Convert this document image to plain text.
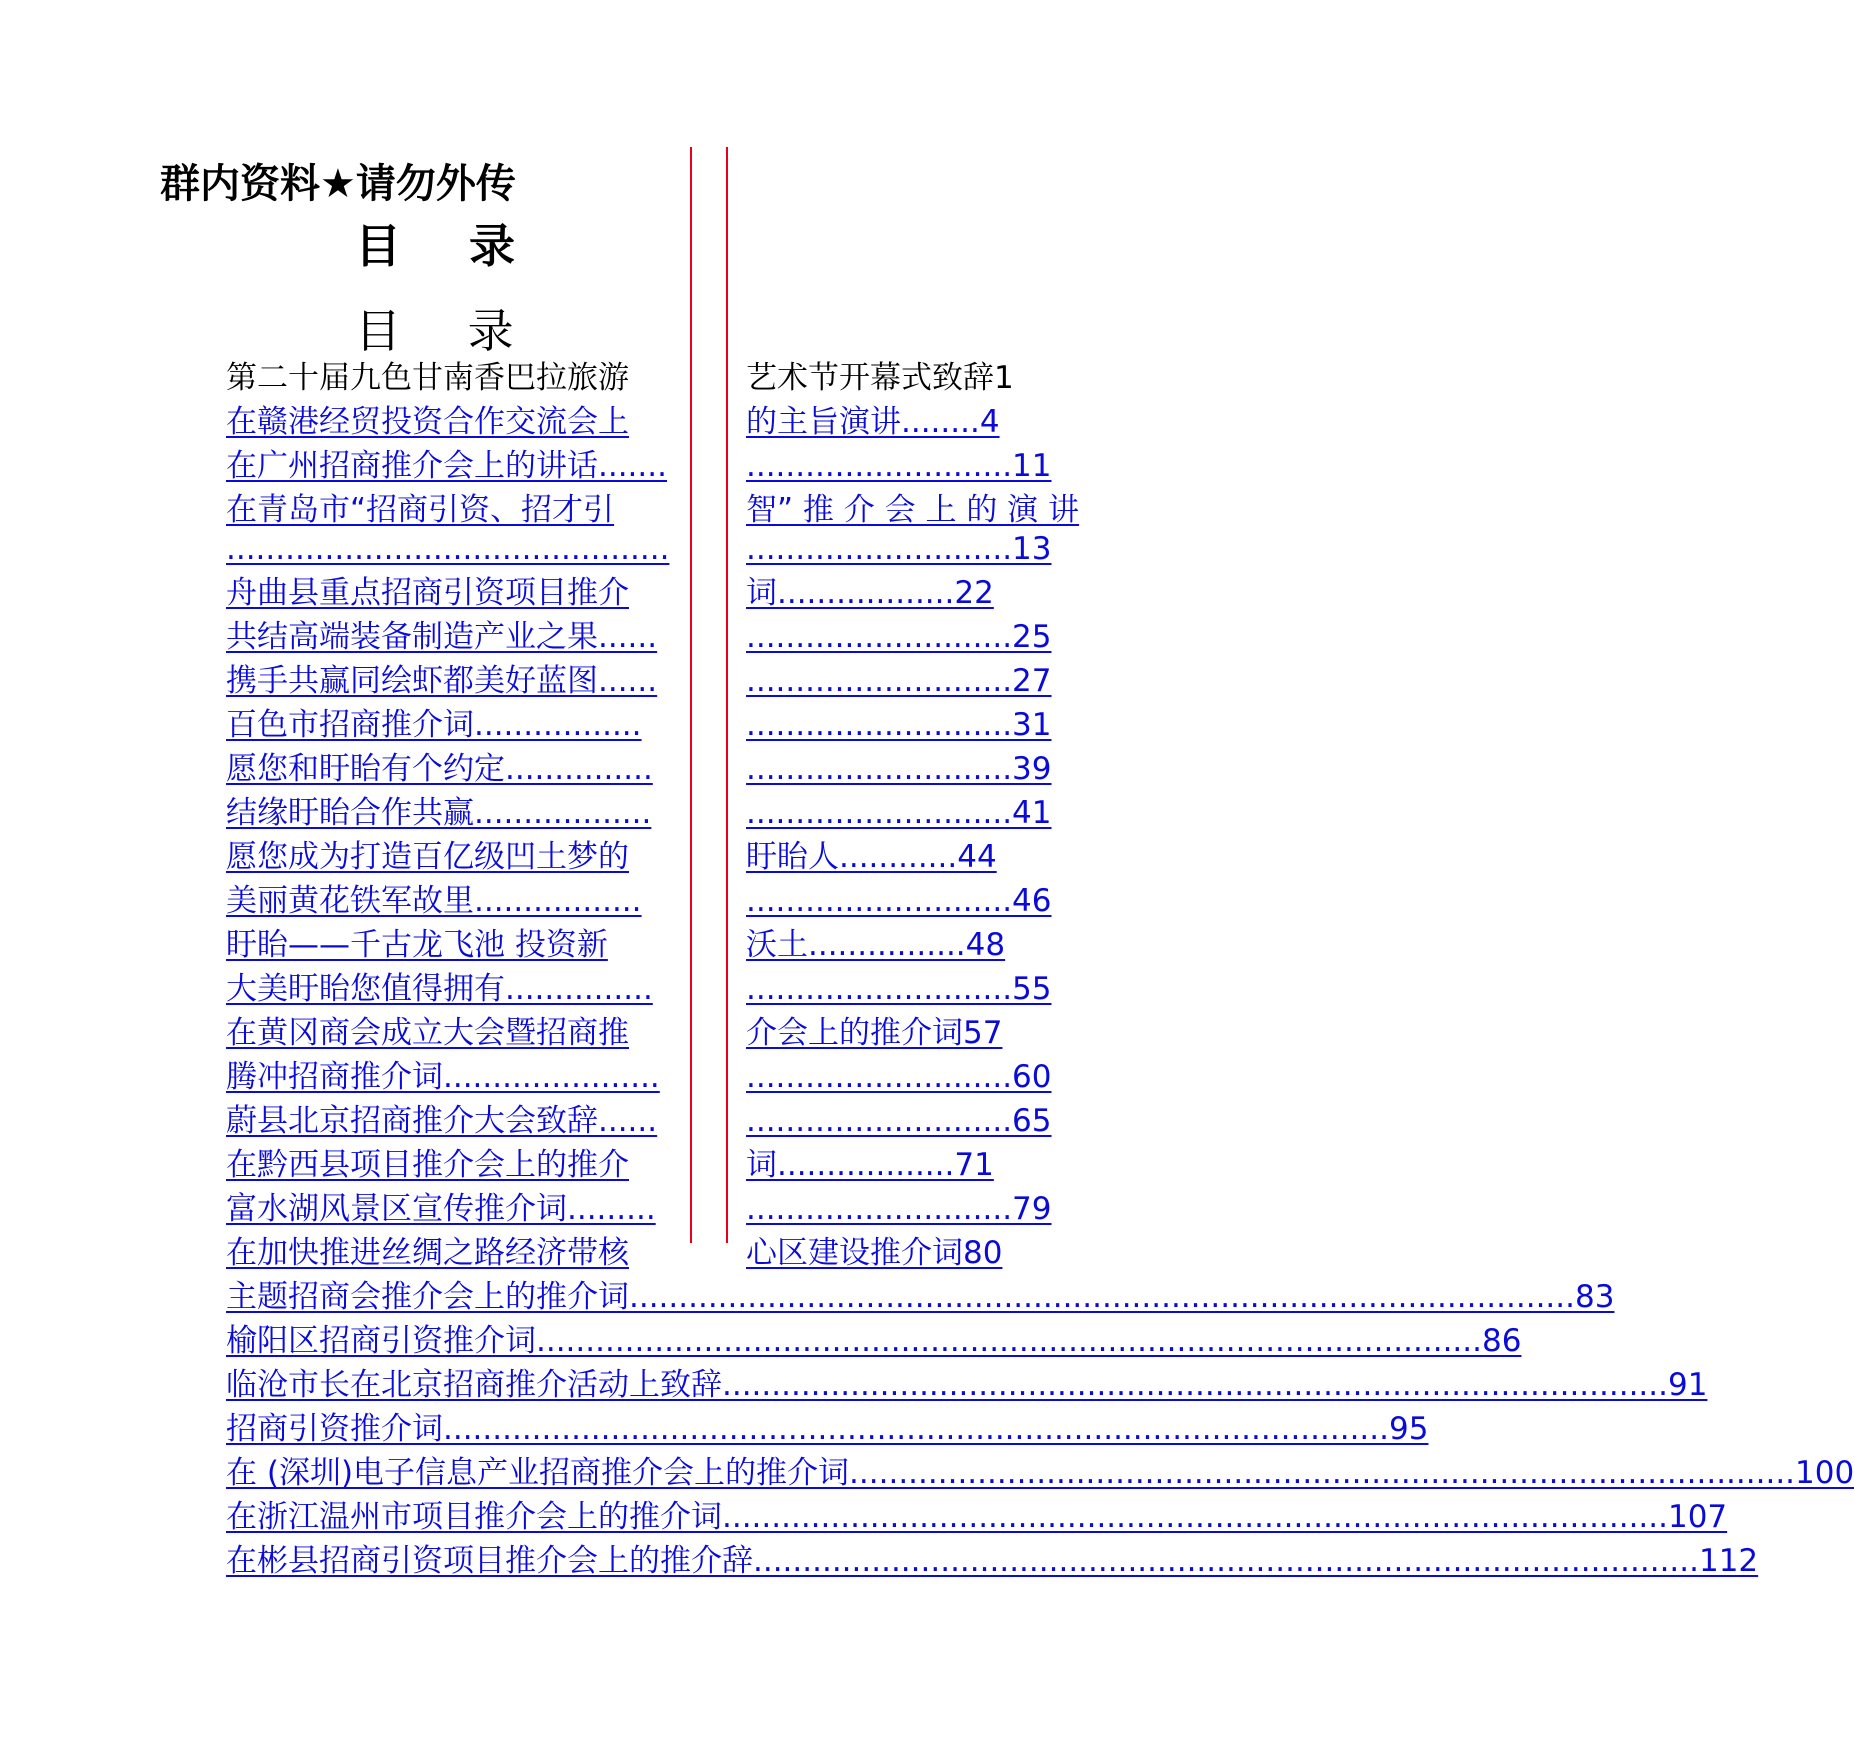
群内资料★请勿外传
目 录
目 录
第二十届九色甘南香巴拉旅游	艺术节开幕式致辞1
在赣港经贸投资合作交流会上	的主旨演讲........4
在广州招商推介会上的讲话.......	...........................11
在青岛市“招商引资、招才引	智” 推 介 会 上 的 演 讲
.............................................	...........................13
舟曲县重点招商引资项目推介	词..................22
共结高端装备制造产业之果......	...........................25
携手共赢同绘虾都美好蓝图......	...........................27
百色市招商推介词.................	...........................31
愿您和盱眙有个约定...............	...........................39
结缘盱眙合作共赢..................	...........................41
愿您成为打造百亿级凹土梦的	盱眙人............44
美丽黄花铁军故里.................	...........................46
盱眙——千古龙飞池 投资新	沃土................48
大美盱眙您值得拥有...............	...........................55
在黄冈商会成立大会暨招商推	介会上的推介词57
腾冲招商推介词......................	...........................60
蔚县北京招商推介大会致辞......	...........................65
在黔西县项目推介会上的推介	词..................71
富水湖风景区宣传推介词.........	...........................79
在加快推进丝绸之路经济带核	心区建设推介词80
主题招商会推介会上的推介词 ................................................................................................ 83
榆阳区招商引资推介词 ................................................................................................ 86
临沧市长在北京招商推介活动上致辞 ................................................................................................ 91
招商引资推介词 ................................................................................................ 95
在 (深圳)电子信息产业招商推介会上的推介词 ................................................................................................ 100
在浙江温州市项目推介会上的推介词 ................................................................................................ 107
在彬县招商引资项目推介会上的推介辞 ................................................................................................ 112
